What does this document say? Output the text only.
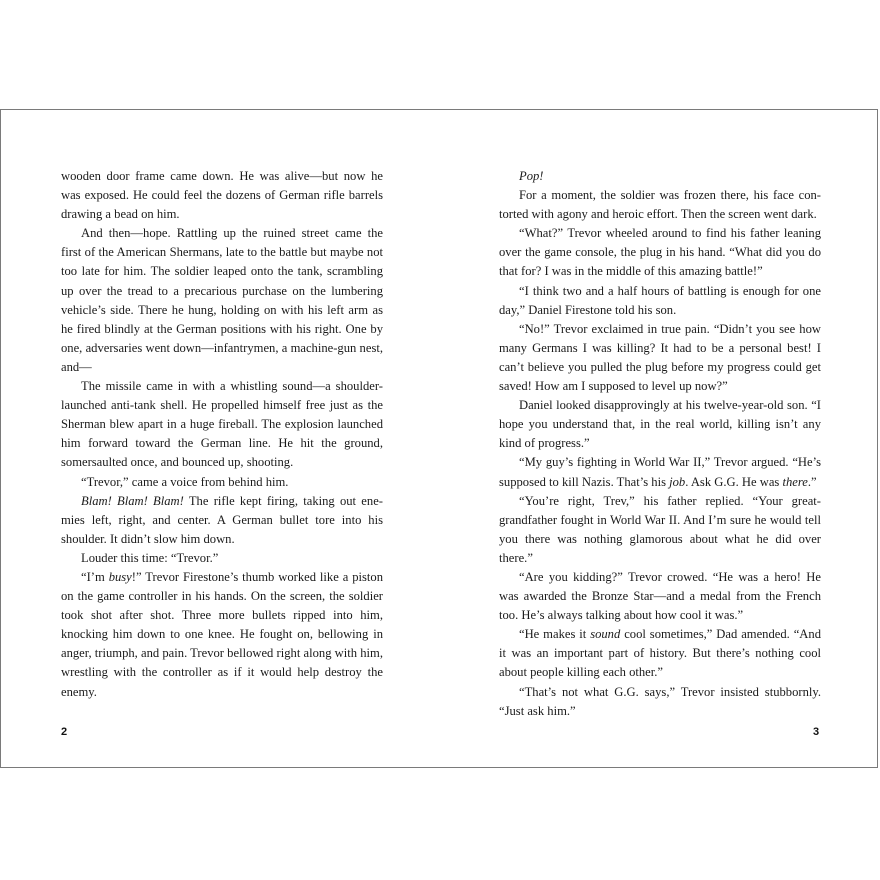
wooden door frame came down. He was alive—but now he was exposed. He could feel the dozens of German rifle barrels drawing a bead on him.

And then—hope. Rattling up the ruined street came the first of the American Shermans, late to the battle but maybe not too late for him. The soldier leaped onto the tank, scrambling up over the tread to a precarious purchase on the lumbering vehicle’s side. There he hung, holding on with his left arm as he fired blindly at the German positions with his right. One by one, adversaries went down—infantrymen, a machine-gun nest, and—

The missile came in with a whistling sound—a shoulder-launched anti-tank shell. He propelled himself free just as the Sherman blew apart in a huge fireball. The explosion launched him forward toward the German line. He hit the ground, somersaulted once, and bounced up, shooting.

“Trevor,” came a voice from behind him.

Blam! Blam! Blam! The rifle kept firing, taking out enemies left, right, and center. A German bullet tore into his shoulder. It didn’t slow him down.

Louder this time: “Trevor.”

“I’m busy!” Trevor Firestone’s thumb worked like a piston on the game controller in his hands. On the screen, the soldier took shot after shot. Three more bullets ripped into him, knocking him down to one knee. He fought on, bellowing in anger, triumph, and pain. Trevor bellowed right along with him, wrestling with the controller as if it would help destroy the enemy.

2

Pop!

For a moment, the soldier was frozen there, his face contorted with agony and heroic effort. Then the screen went dark.

“What?” Trevor wheeled around to find his father leaning over the game console, the plug in his hand. “What did you do that for? I was in the middle of this amazing battle!”

“I think two and a half hours of battling is enough for one day,” Daniel Firestone told his son.

“No!” Trevor exclaimed in true pain. “Didn’t you see how many Germans I was killing? It had to be a personal best! I can’t believe you pulled the plug before my progress could get saved! How am I supposed to level up now?”

Daniel looked disapprovingly at his twelve-year-old son. “I hope you understand that, in the real world, killing isn’t any kind of progress.”

“My guy’s fighting in World War II,” Trevor argued. “He’s supposed to kill Nazis. That’s his job. Ask G.G. He was there.”

“You’re right, Trev,” his father replied. “Your great-grandfather fought in World War II. And I’m sure he would tell you there was nothing glamorous about what he did over there.”

“Are you kidding?” Trevor crowed. “He was a hero! He was awarded the Bronze Star—and a medal from the French too. He’s always talking about how cool it was.”

“He makes it sound cool sometimes,” Dad amended. “And it was an important part of history. But there’s nothing cool about people killing each other.”

“That’s not what G.G. says,” Trevor insisted stubbornly. “Just ask him.”

3
